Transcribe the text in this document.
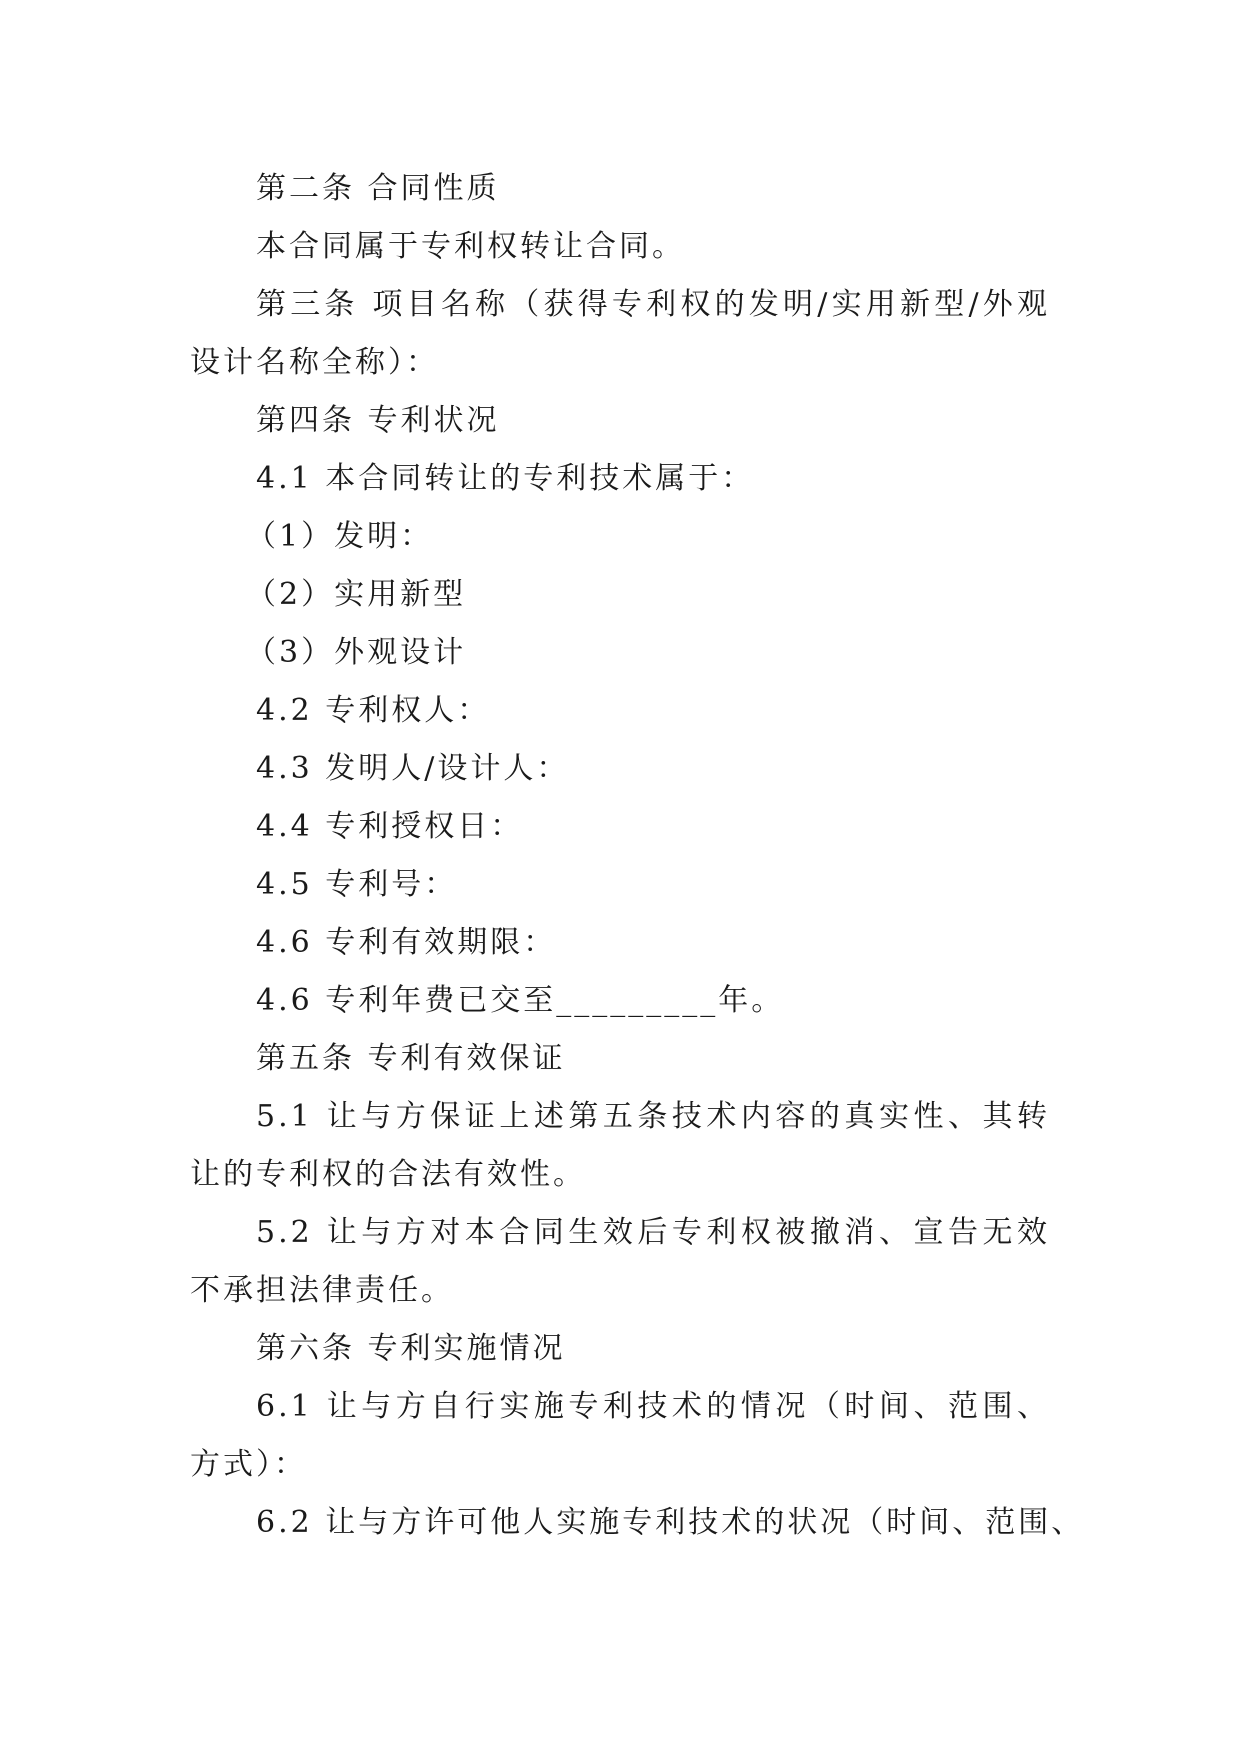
第二条 合同性质
本合同属于专利权转让合同。
第三条 项目名称（获得专利权的发明/实用新型/外观设计名称全称）：
第四条 专利状况
4.1 本合同转让的专利技术属于：
（1）发明：
（2）实用新型
（3）外观设计
4.2 专利权人：
4.3 发明人/设计人：
4.4 专利授权日：
4.5 专利号：
4.6 专利有效期限：
4.6 专利年费已交至_________年。
第五条 专利有效保证
5.1 让与方保证上述第五条技术内容的真实性、其转让的专利权的合法有效性。
5.2 让与方对本合同生效后专利权被撤消、宣告无效不承担法律责任。
第六条 专利实施情况
6.1 让与方自行实施专利技术的情况（时间、范围、方式）：
6.2 让与方许可他人实施专利技术的状况（时间、范围、
